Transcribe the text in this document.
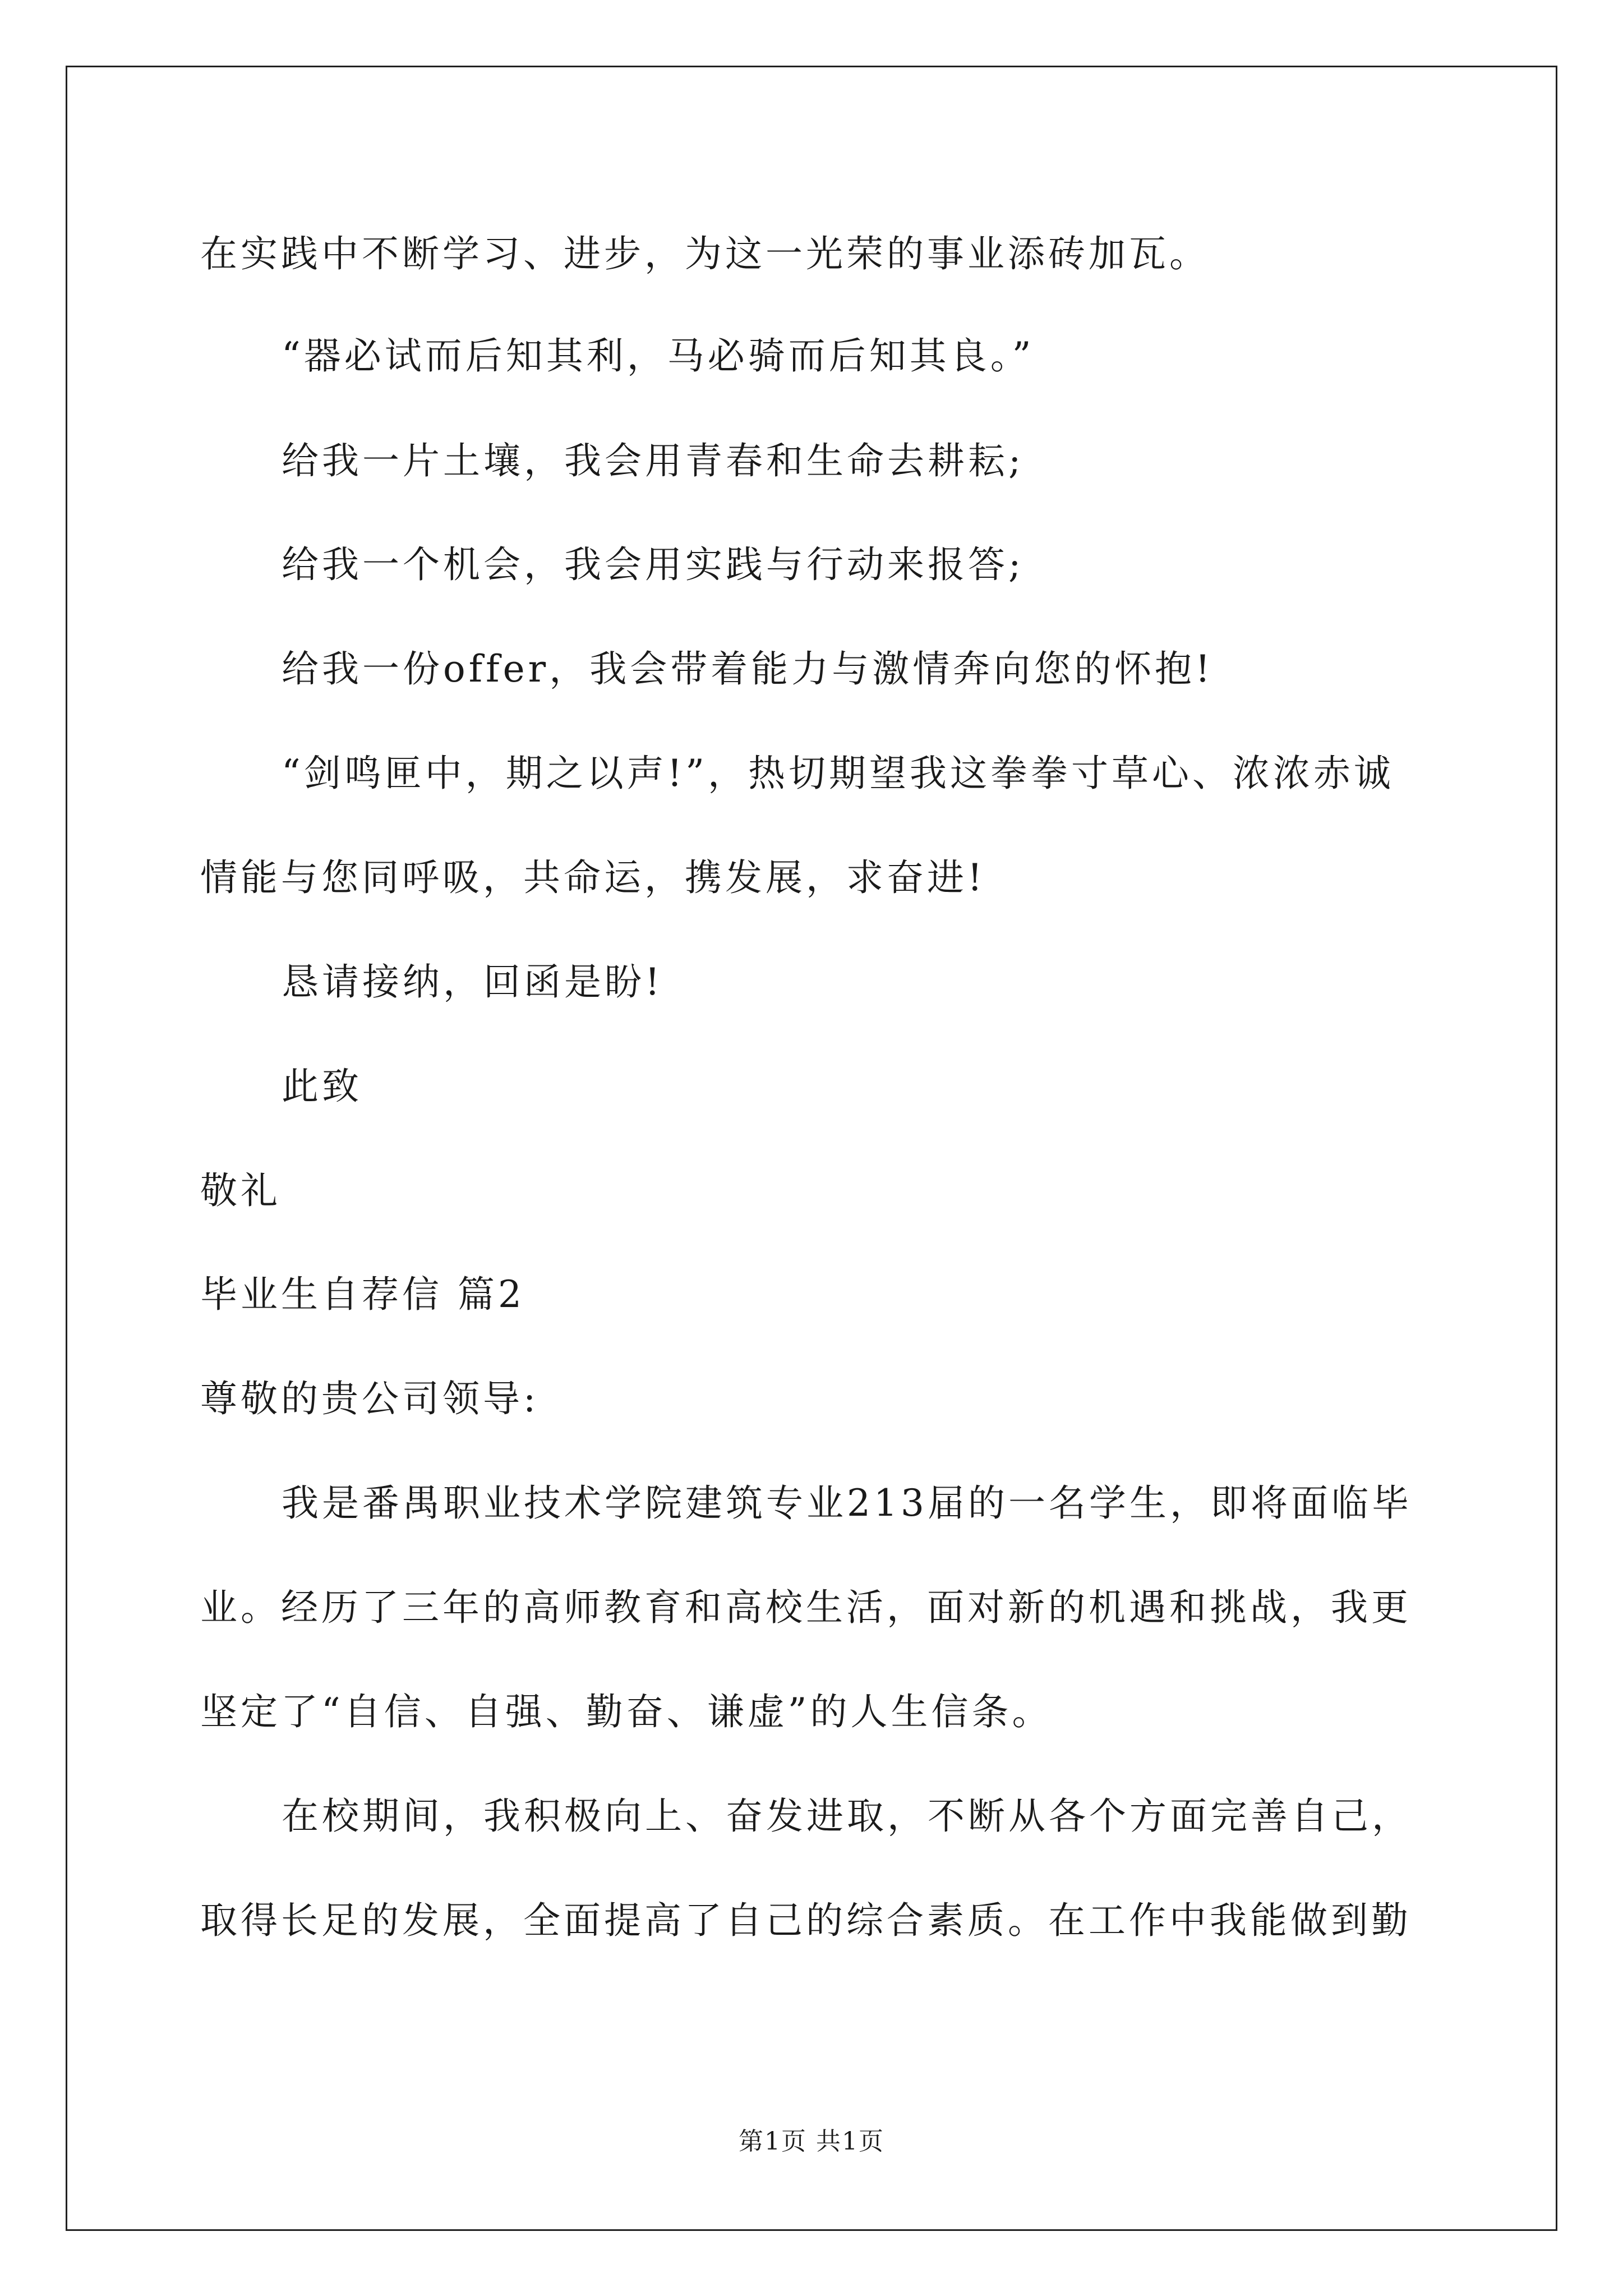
在实践中不断学习、进步，为这一光荣的事业添砖加瓦。
“器必试而后知其利，马必骑而后知其良。”
给我一片土壤，我会用青春和生命去耕耘;
给我一个机会，我会用实践与行动来报答;
给我一份offer，我会带着能力与激情奔向您的怀抱!
“剑鸣匣中，期之以声!”，热切期望我这拳拳寸草心、浓浓赤诚
情能与您同呼吸，共命运，携发展，求奋进!
恳请接纳，回函是盼!
此致
敬礼
毕业生自荐信 篇2
尊敬的贵公司领导:
我是番禺职业技术学院建筑专业213届的一名学生，即将面临毕
业。经历了三年的高师教育和高校生活，面对新的机遇和挑战，我更
坚定了“自信、自强、勤奋、谦虚”的人生信条。
在校期间，我积极向上、奋发进取，不断从各个方面完善自己，
取得长足的发展，全面提高了自己的综合素质。在工作中我能做到勤
第1页 共1页
